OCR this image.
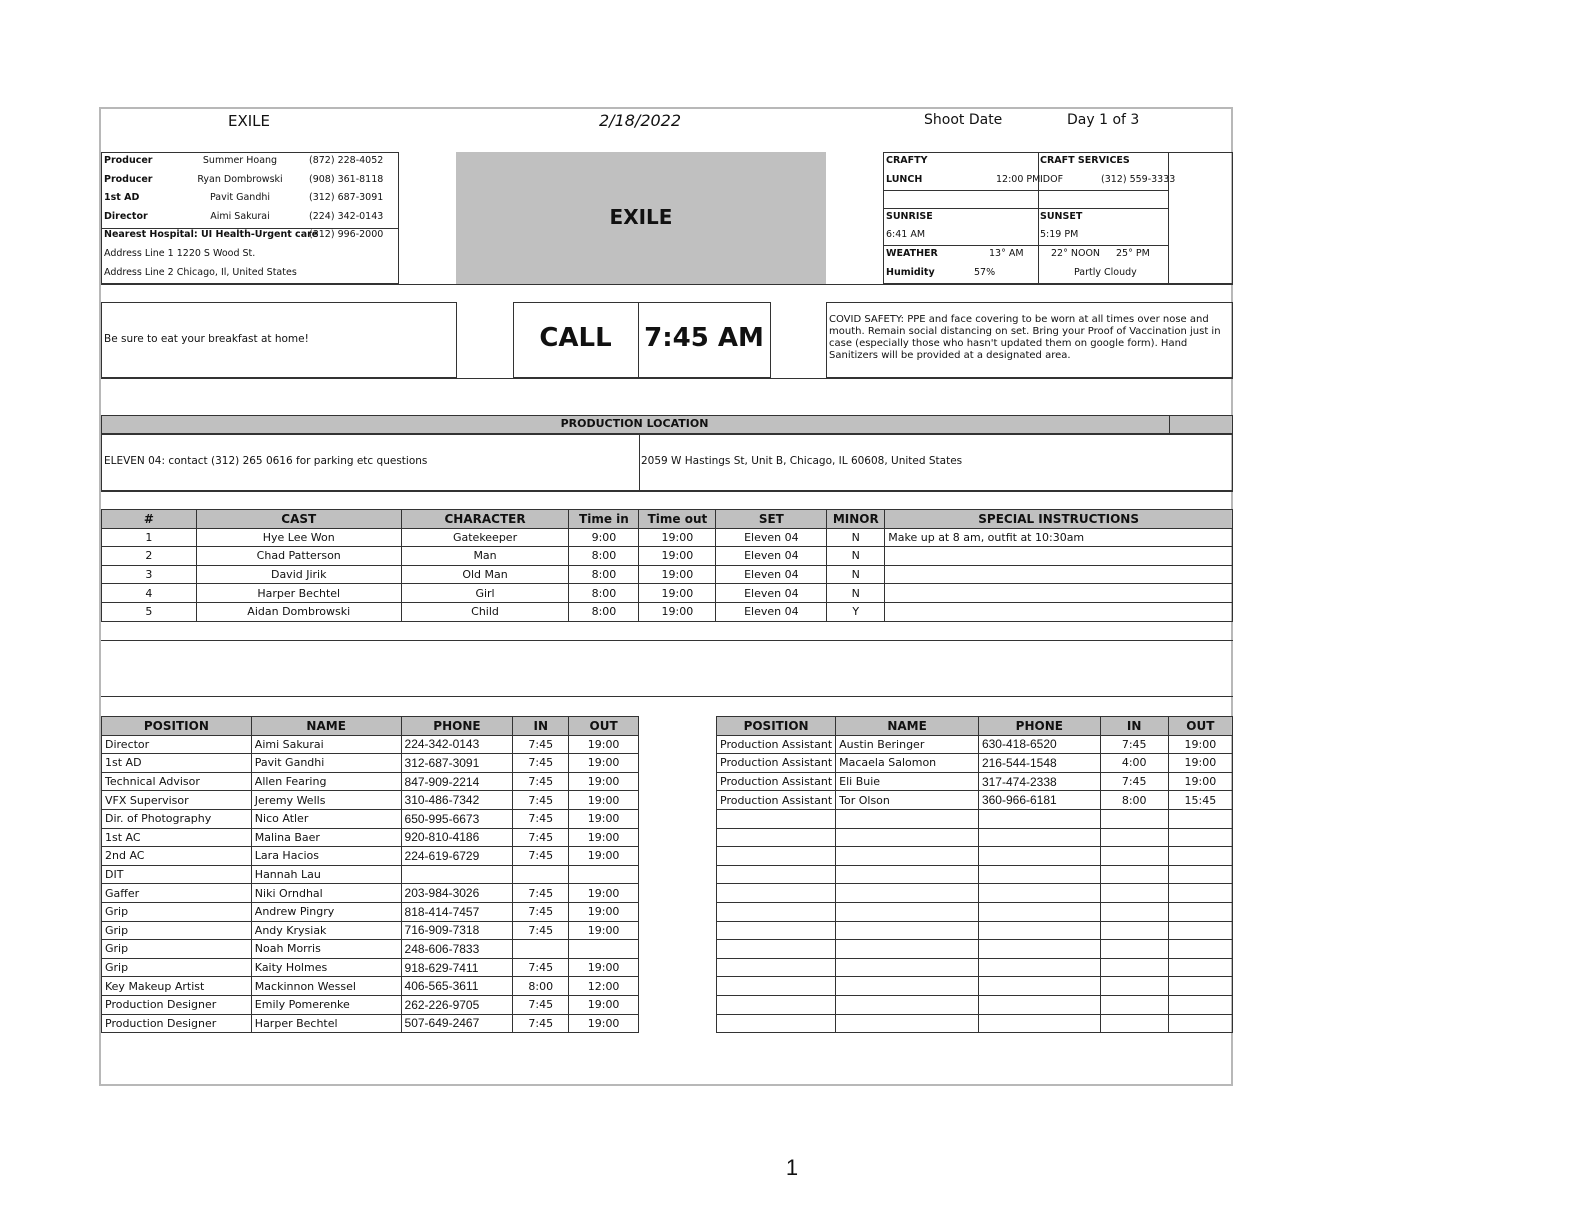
EXILE	2/18/2022	Shoot Date	Day 1 of 3
Producer	Summer Hoang	(872) 228-4052
Producer	Ryan Dombrowski	(908) 361-8118
1st AD	Pavit Gandhi	(312) 687-3091
Director	Aimi Sakurai	(224) 342-0143
Nearest Hospital: UI Health-Urgent care
(312) 996-2000
Address Line 1 1220 S Wood St.
Address Line 2 Chicago, Il, United States
EXILE
CRAFTY	CRAFT SERVICES
LUNCH	12:00 PM IDOF	(312) 559-3333
SUNRISE	SUNSET
6:41 AM	5:19 PM
WEATHER	13° AM	22° NOON 25° PM
Humidity	57%	Partly Cloudy
Be sure to eat your breakfast at home!	CALL	7:45 AM
COVID SAFETY: PPE and face covering to be worn at all times over nose and mouth. Remain social distancing on set. Bring your Proof of Vaccination just in case (especially those who hasn't updated them on google form). Hand Sanitizers will be provided at a designated area.
PRODUCTION LOCATION
ELEVEN 04: contact (312) 265 0616 for parking etc questions	2059 W Hastings St, Unit B, Chicago, IL 60608, United States
#	CAST	CHARACTER	Time in	Time out	SET	MINOR	SPECIAL INSTRUCTIONS
1	Hye Lee Won	Gatekeeper	9:00	19:00	Eleven 04	N	Make up at 8 am, outfit at 10:30am
2	Chad Patterson	Man	8:00	19:00	Eleven 04	N	
3	David Jirik	Old Man	8:00	19:00	Eleven 04	N	
4	Harper Bechtel	Girl	8:00	19:00	Eleven 04	N	
5	Aidan Dombrowski	Child	8:00	19:00	Eleven 04	Y	
POSITION	NAME	PHONE	IN	OUT
Director	Aimi Sakurai	224-342-0143	7:45	19:00
1st AD	Pavit Gandhi	312-687-3091	7:45	19:00
Technical Advisor	Allen Fearing	847-909-2214	7:45	19:00
VFX Supervisor	Jeremy Wells	310-486-7342	7:45	19:00
Dir. of Photography	Nico Atler	650-995-6673	7:45	19:00
1st AC	Malina Baer	920-810-4186	7:45	19:00
2nd AC	Lara Hacios	224-619-6729	7:45	19:00
DIT	Hannah Lau			
Gaffer	Niki Orndhal	203-984-3026	7:45	19:00
Grip	Andrew Pingry	818-414-7457	7:45	19:00
Grip	Andy Krysiak	716-909-7318	7:45	19:00
Grip	Noah Morris	248-606-7833		
Grip	Kaity Holmes	918-629-7411	7:45	19:00
Key Makeup Artist	Mackinnon Wessel	406-565-3611	8:00	12:00
Production Designer	Emily Pomerenke	262-226-9705	7:45	19:00
Production Designer	Harper Bechtel	507-649-2467	7:45	19:00
POSITION	NAME	PHONE	IN	OUT
Production Assistant	Austin Beringer	630-418-6520	7:45	19:00
Production Assistant	Macaela Salomon	216-544-1548	4:00	19:00
Production Assistant	Eli Buie	317-474-2338	7:45	19:00
Production Assistant	Tor Olson	360-966-6181	8:00	15:45

1
